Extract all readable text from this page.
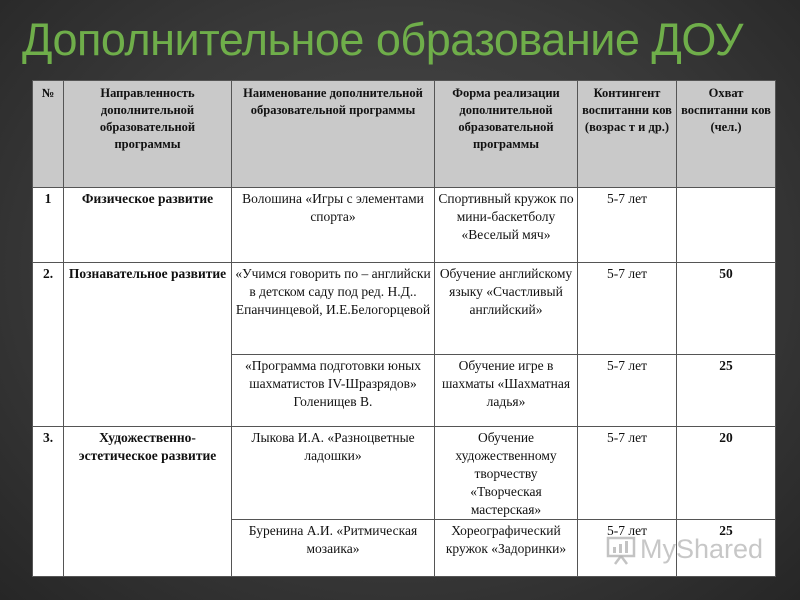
Дополнительное образование ДОУ
№	Направленность дополнительной образовательной программы	Наименование дополнительной образовательной программы	Форма реализации дополнительной образовательной программы	Контингент воспитанни ков (возрас т и др.)	Охват воспитанни ков (чел.)
1	Физическое развитие	Волошина «Игры с элементами спорта»	Спортивный кружок по мини-баскетболу «Веселый мяч»	5-7 лет	
2.	Познавательное развитие	«Учимся говорить по – английски в детском саду под ред. Н.Д.. Епанчинцевой, И.Е.Белогорцевой	Обучение английскому языку «Счастливый английский»	5-7 лет	50
		«Программа подготовки юных шахматистов IV-Шразрядов» Голенищев В.	Обучение игре в шахматы «Шахматная ладья»	5-7 лет	25
3.	Художественно-эстетическое развитие	Лыкова И.А. «Разноцветные ладошки»	Обучение художественному творчеству «Творческая мастерская»	5-7 лет	20
		Буренина А.И. «Ритмическая мозаика»	Хореографический кружок «Задоринки»	5-7 лет	25
MyShared
